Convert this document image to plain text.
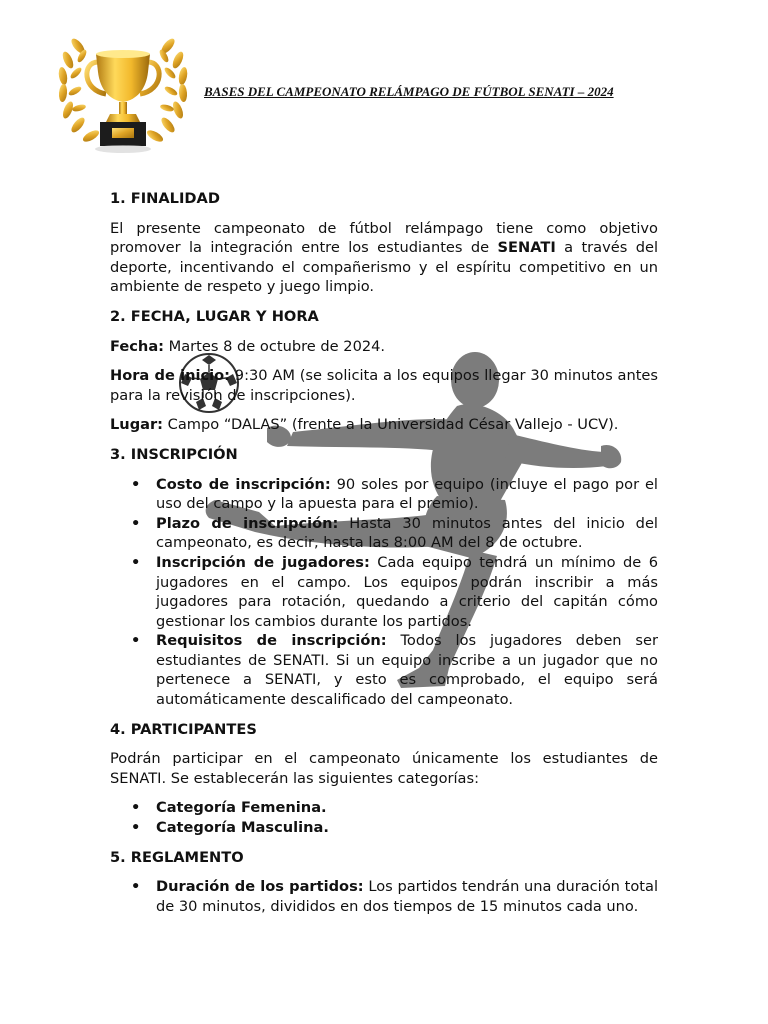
BASES DEL CAMPEONATO RELÁMPAGO DE FÚTBOL SENATI – 2024
1. FINALIDAD

El presente campeonato de fútbol relámpago tiene como objetivo promover la integración entre los estudiantes de SENATI a través del deporte, incentivando el compañerismo y el espíritu competitivo en un ambiente de respeto y juego limpio.

2. FECHA, LUGAR Y HORA

Fecha: Martes 8 de octubre de 2024.

Hora de inicio: 9:30 AM (se solicita a los equipos llegar 30 minutos antes para la revisión de inscripciones).

Lugar: Campo “DALAS” (frente a la Universidad César Vallejo - UCV).

3. INSCRIPCIÓN
• Costo de inscripción: 90 soles por equipo (incluye el pago por el uso del campo y la apuesta para el premio).
• Plazo de inscripción: Hasta 30 minutos antes del inicio del campeonato, es decir, hasta las 8:00 AM del 8 de octubre.
• Inscripción de jugadores: Cada equipo tendrá un mínimo de 6 jugadores en el campo. Los equipos podrán inscribir a más jugadores para rotación, quedando a criterio del capitán cómo gestionar los cambios durante los partidos.
• Requisitos de inscripción: Todos los jugadores deben ser estudiantes de SENATI. Si un equipo inscribe a un jugador que no pertenece a SENATI, y esto es comprobado, el equipo será automáticamente descalificado del campeonato.
4. PARTICIPANTES

Podrán participar en el campeonato únicamente los estudiantes de SENATI. Se establecerán las siguientes categorías:

• Categoría Femenina.
• Categoría Masculina.
5. REGLAMENTO
• Duración de los partidos: Los partidos tendrán una duración total de 30 minutos, divididos en dos tiempos de 15 minutos cada uno.
